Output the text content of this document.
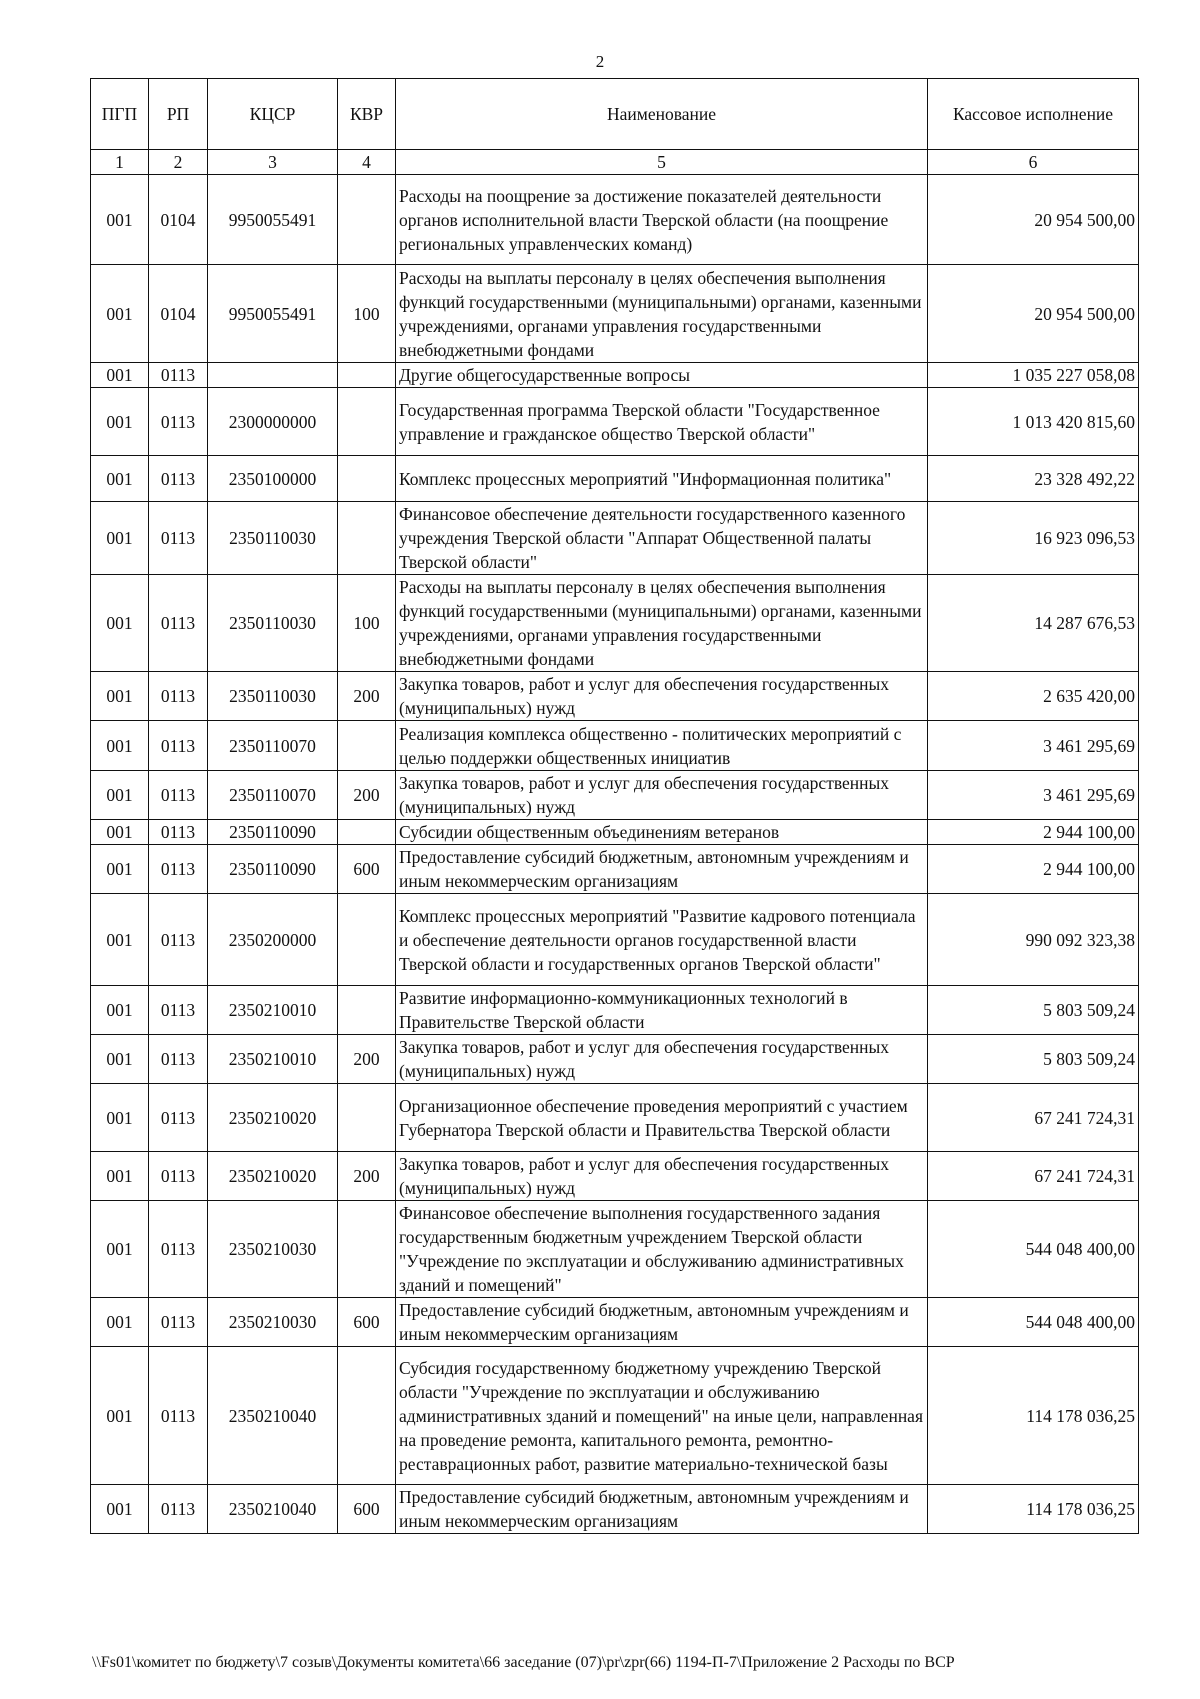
2
ПГП	РП	КЦСР	КВР	Наименование	Кассовое исполнение
1	2	3	4	5	6
001	0104	9950055491		Расходы на поощрение за достижение показателей деятельности органов исполнительной власти Тверской области (на поощрение региональных управленческих команд)	20 954 500,00
001	0104	9950055491	100	Расходы на выплаты персоналу в целях обеспечения выполнения функций государственными (муниципальными) органами, казенными учреждениями, органами управления государственными внебюджетными фондами	20 954 500,00
001	0113			Другие общегосударственные вопросы	1 035 227 058,08
001	0113	2300000000		Государственная программа Тверской области "Государственное управление и гражданское общество Тверской области"	1 013 420 815,60
001	0113	2350100000		Комплекс процессных мероприятий "Информационная политика"	23 328 492,22
001	0113	2350110030		Финансовое обеспечение деятельности государственного казенного учреждения Тверской области "Аппарат Общественной палаты Тверской области"	16 923 096,53
001	0113	2350110030	100	Расходы на выплаты персоналу в целях обеспечения выполнения функций государственными (муниципальными) органами, казенными учреждениями, органами управления государственными внебюджетными фондами	14 287 676,53
001	0113	2350110030	200	Закупка товаров, работ и услуг для обеспечения государственных (муниципальных) нужд	2 635 420,00
001	0113	2350110070		Реализация комплекса общественно - политических мероприятий с целью поддержки общественных инициатив	3 461 295,69
001	0113	2350110070	200	Закупка товаров, работ и услуг для обеспечения государственных (муниципальных) нужд	3 461 295,69
001	0113	2350110090		Субсидии общественным объединениям ветеранов	2 944 100,00
001	0113	2350110090	600	Предоставление субсидий бюджетным, автономным учреждениям и иным некоммерческим организациям	2 944 100,00
001	0113	2350200000		Комплекс процессных мероприятий "Развитие кадрового потенциала и обеспечение деятельности органов государственной власти Тверской области и государственных органов Тверской области"	990 092 323,38
001	0113	2350210010		Развитие информационно-коммуникационных технологий в Правительстве Тверской области	5 803 509,24
001	0113	2350210010	200	Закупка товаров, работ и услуг для обеспечения государственных (муниципальных) нужд	5 803 509,24
001	0113	2350210020		Организационное обеспечение проведения мероприятий с участием Губернатора Тверской области и Правительства Тверской области	67 241 724,31
001	0113	2350210020	200	Закупка товаров, работ и услуг для обеспечения государственных (муниципальных) нужд	67 241 724,31
001	0113	2350210030		Финансовое обеспечение выполнения государственного задания государственным бюджетным учреждением Тверской области "Учреждение по эксплуатации и обслуживанию административных зданий и помещений"	544 048 400,00
001	0113	2350210030	600	Предоставление субсидий бюджетным, автономным учреждениям и иным некоммерческим организациям	544 048 400,00
001	0113	2350210040		Субсидия государственному бюджетному учреждению Тверской области "Учреждение по эксплуатации и обслуживанию административных зданий и помещений" на иные цели, направленная на проведение ремонта, капитального ремонта, ремонтно-реставрационных работ, развитие материально-технической базы	114 178 036,25
001	0113	2350210040	600	Предоставление субсидий бюджетным, автономным учреждениям и иным некоммерческим организациям	114 178 036,25
\\Fs01\комитет по бюджету\7 созыв\Документы комитета\66 заседание (07)\pr\zpr(66) 1194-П-7\Приложение 2 Расходы по ВСР
